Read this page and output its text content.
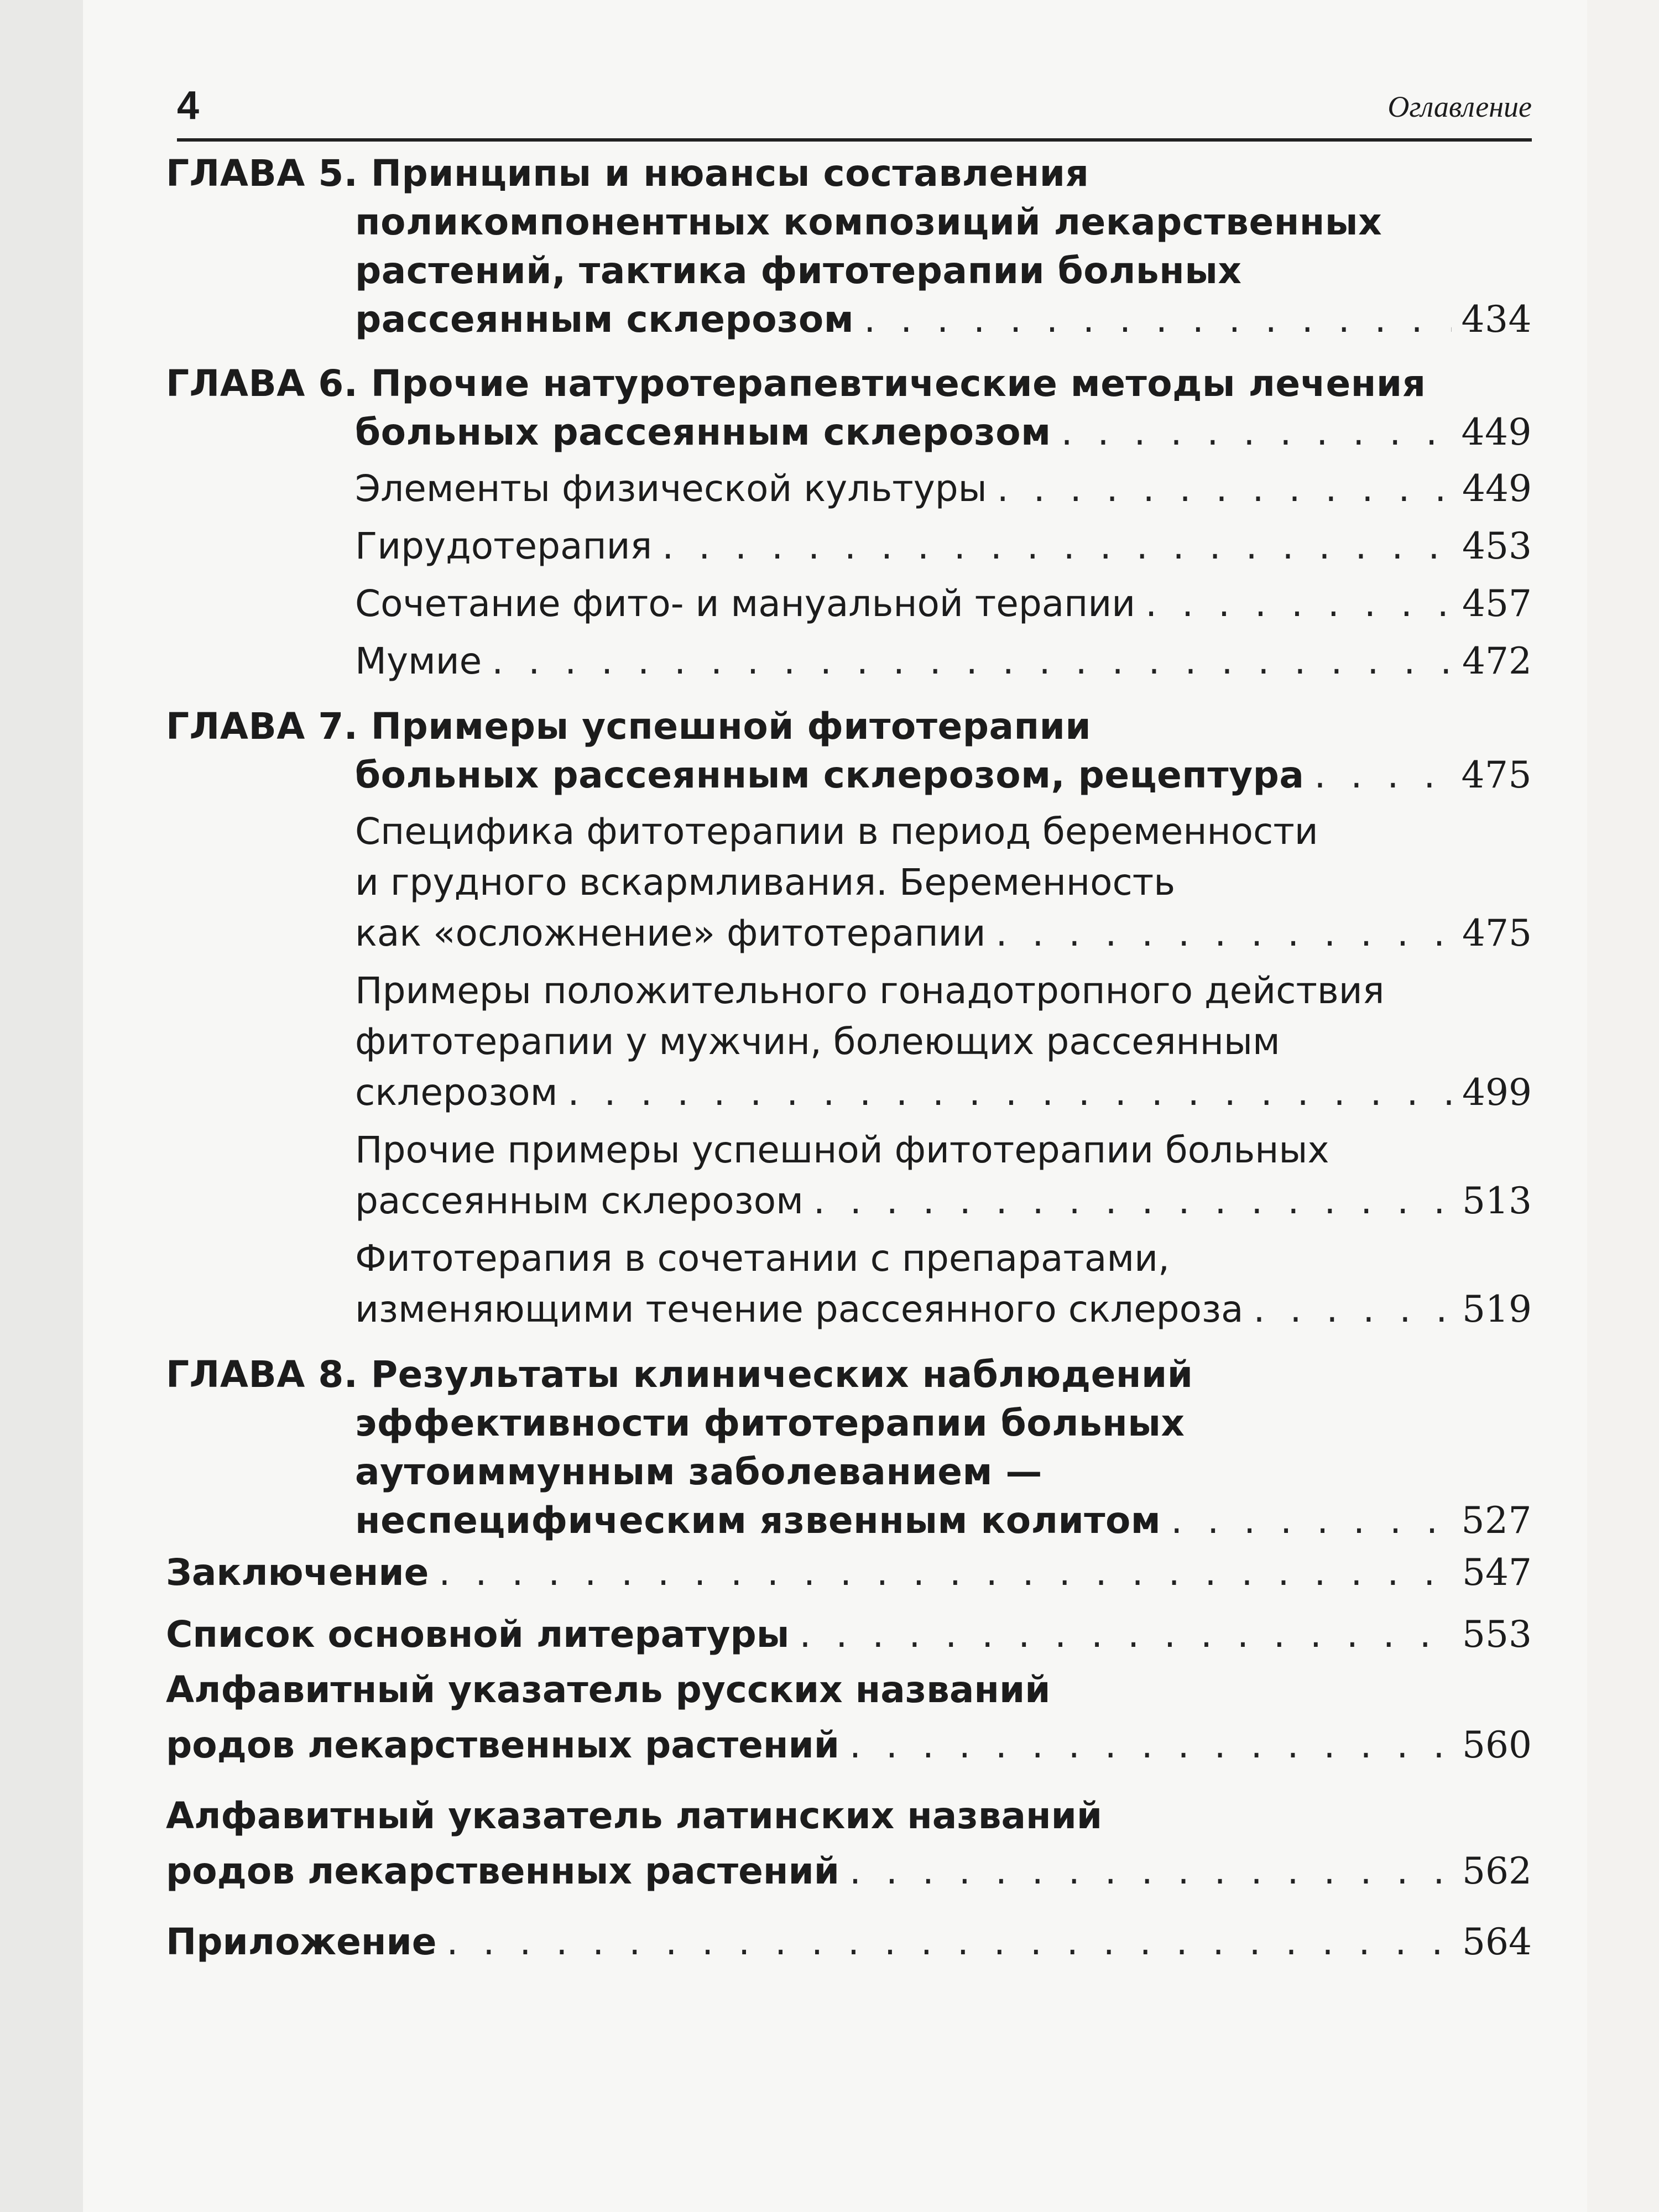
4	Оглавление
ГЛАВА 5. Принципы и нюансы составления
поликомпонентных композиций лекарственных
растений, тактика фитотерапии больных
рассеянным склерозом . . .	434
ГЛАВА 6. Прочие натуротерапевтические методы лечения
больных рассеянным склерозом . . .	449
Элементы физической культуры . . .	449
Гирудотерапия . . .	453
Сочетание фито- и мануальной терапии . . .	457
Мумие . . .	472
ГЛАВА 7. Примеры успешной фитотерапии
больных рассеянным склерозом, рецептура . . .	475
Специфика фитотерапии в период беременности
и грудного вскармливания. Беременность
как «осложнение» фитотерапии . . .	475
Примеры положительного гонадотропного действия
фитотерапии у мужчин, болеющих рассеянным
склерозом . . .	499
Прочие примеры успешной фитотерапии больных
рассеянным склерозом . . .	513
Фитотерапия в сочетании с препаратами,
изменяющими течение рассеянного склероза . . .	519
ГЛАВА 8. Результаты клинических наблюдений
эффективности фитотерапии больных
аутоиммунным заболеванием —
неспецифическим язвенным колитом . . .	527
Заключение . . .	547
Список основной литературы . . .	553
Алфавитный указатель русских названий
родов лекарственных растений . . .	560
Алфавитный указатель латинских названий
родов лекарственных растений . . .	562
Приложение . . .	564
